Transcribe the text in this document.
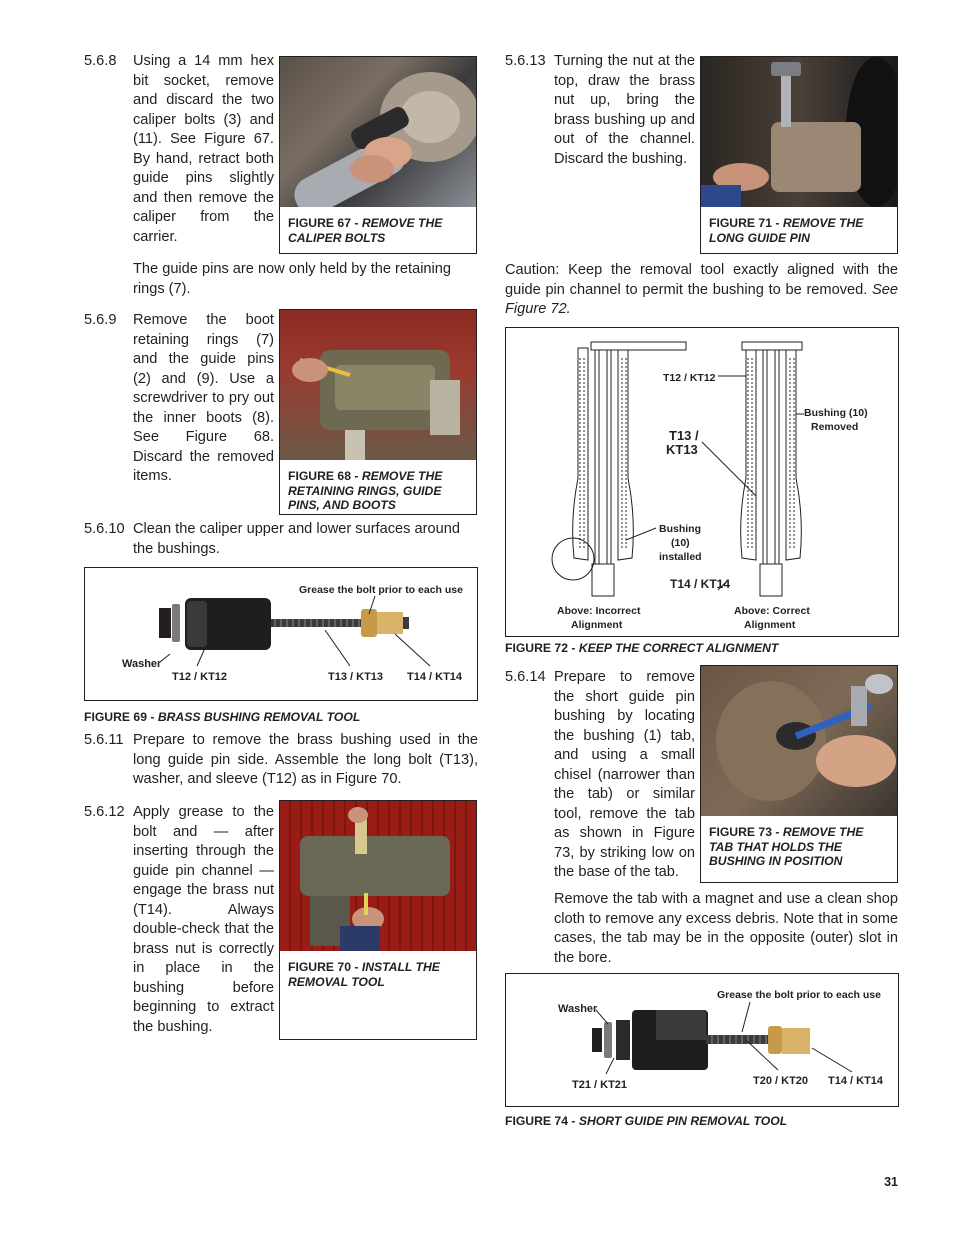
5.6.8 Using a 14 mm hex bit socket, remove and discard the two caliper bolts (3) and (11). See Figure 67. By hand, retract both guide pins slightly and then remove the caliper from the carrier.
FIGURE 67 - REMOVE THE CALIPER BOLTS
The guide pins are now only held by the retaining rings (7).
5.6.9 Remove the boot retaining rings (7) and the guide pins (2) and (9). Use a screwdriver to pry out the inner boots (8). See Figure 68. Discard the removed items.	FIGURE 68 - REMOVE THE RETAINING RINGS, GUIDE PINS, AND BOOTS
5.6.10 Clean the caliper upper and lower surfaces around the bushings.
Grease the bolt prior to each use
Washer
T12 / KT12	T13 / KT13 T14 / KT14
FIGURE 69 - BRASS BUSHING REMOVAL TOOL
5.6.11 Prepare to remove the brass bushing used in the long guide pin side. Assemble the long bolt (T13), washer, and sleeve (T12) as in Figure 70.
5.6.12 Apply grease to the bolt and — after inserting through the guide pin channel — engage the brass nut (T14). Always double-check that the brass nut is correctly in place in the bushing before beginning to extract the bushing.
FIGURE 70 - INSTALL THE REMOVAL TOOL
5.6.13 Turning the nut at the top, draw the brass nut up, bring the brass bushing up and out of the channel. Discard the bushing.
FIGURE 71 - REMOVE THE LONG GUIDE PIN
Caution: Keep the removal tool exactly aligned with the guide pin channel to permit the bushing to be removed. See Figure 72.
T12 / KT12
Bushing (10)
Removed
T13 /
KT13
Bushing
(10)
installed
T14 / KT14
Above: Incorrect
Alignment
Above: Correct
Alignment
FIGURE 72 - KEEP THE CORRECT ALIGNMENT
5.6.14 Prepare to remove the short guide pin bushing by locating the bushing (1) tab, and using a small chisel (narrower than the tab) or similar tool, remove the tab as shown in Figure 73, by striking low on the base of the tab.
FIGURE 73 - REMOVE THE TAB THAT HOLDS THE BUSHING IN POSITION
Remove the tab with a magnet and use a clean shop cloth to remove any excess debris. Note that in some cases, the tab may be in the opposite (outer) slot in the bore.
Grease the bolt prior to each use
Washer
T21 / KT21	T20 / KT20 T14 / KT14
FIGURE 74 - SHORT GUIDE PIN REMOVAL TOOL
31
